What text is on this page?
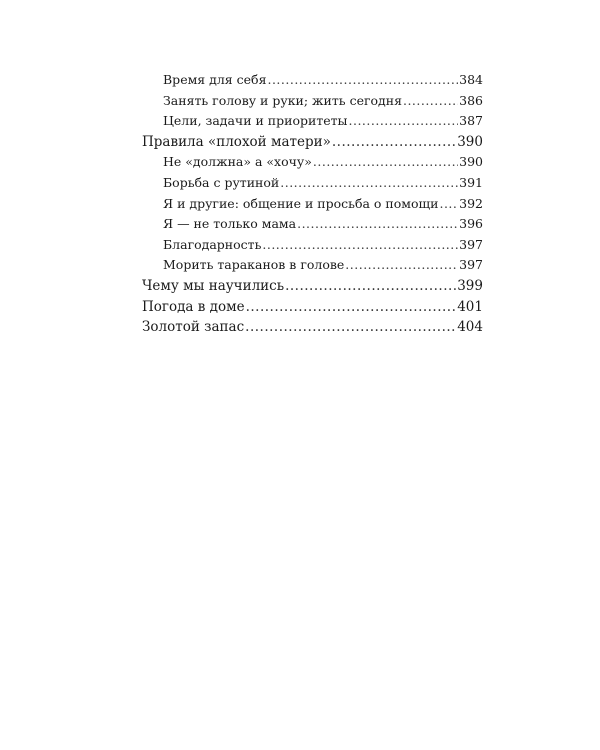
Время для себя .....	384
Занять голову и руки; жить сегодня .....	386
Цели, задачи и приоритеты .....	387
Правила «плохой матери» .....	390
Не «должна» а «хочу» .....	390
Борьба с рутиной .....	391
Я и другие: общение и просьба о помощи ..... 392
Я — не только мама .....	396
Благодарность .....	397
Морить тараканов в голове .....	397
Чему мы научились .....	399
Погода в доме .....	401
Золотой запас .....	404
